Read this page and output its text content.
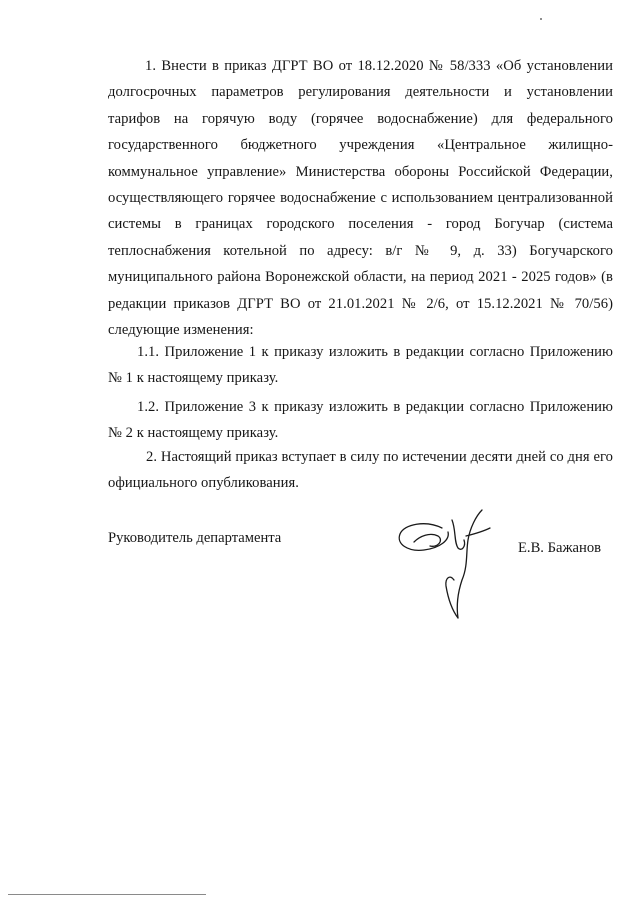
1. Внести в приказ ДГРТ ВО от 18.12.2020 № 58/333 «Об установлении долгосрочных параметров регулирования деятельности и установлении тарифов на горячую воду (горячее водоснабжение) для федерального государственного бюджетного учреждения «Центральное жилищно-коммунальное управление» Министерства обороны Российской Федерации, осуществляющего горячее водоснабжение с использованием централизованной системы в границах городского поселения - город Богучар (система теплоснабжения котельной по адресу: в/г № 9, д. 33) Богучарского муниципального района Воронежской области, на период 2021 - 2025 годов» (в редакции приказов ДГРТ ВО от 21.01.2021 № 2/6, от 15.12.2021 № 70/56) следующие изменения:

1.1. Приложение 1 к приказу изложить в редакции согласно Приложению № 1 к настоящему приказу.

1.2. Приложение 3 к приказу изложить в редакции согласно Приложению № 2 к настоящему приказу.

2. Настоящий приказ вступает в силу по истечении десяти дней со дня его официального опубликования.

Руководитель департамента
Е.В. Бажанов
